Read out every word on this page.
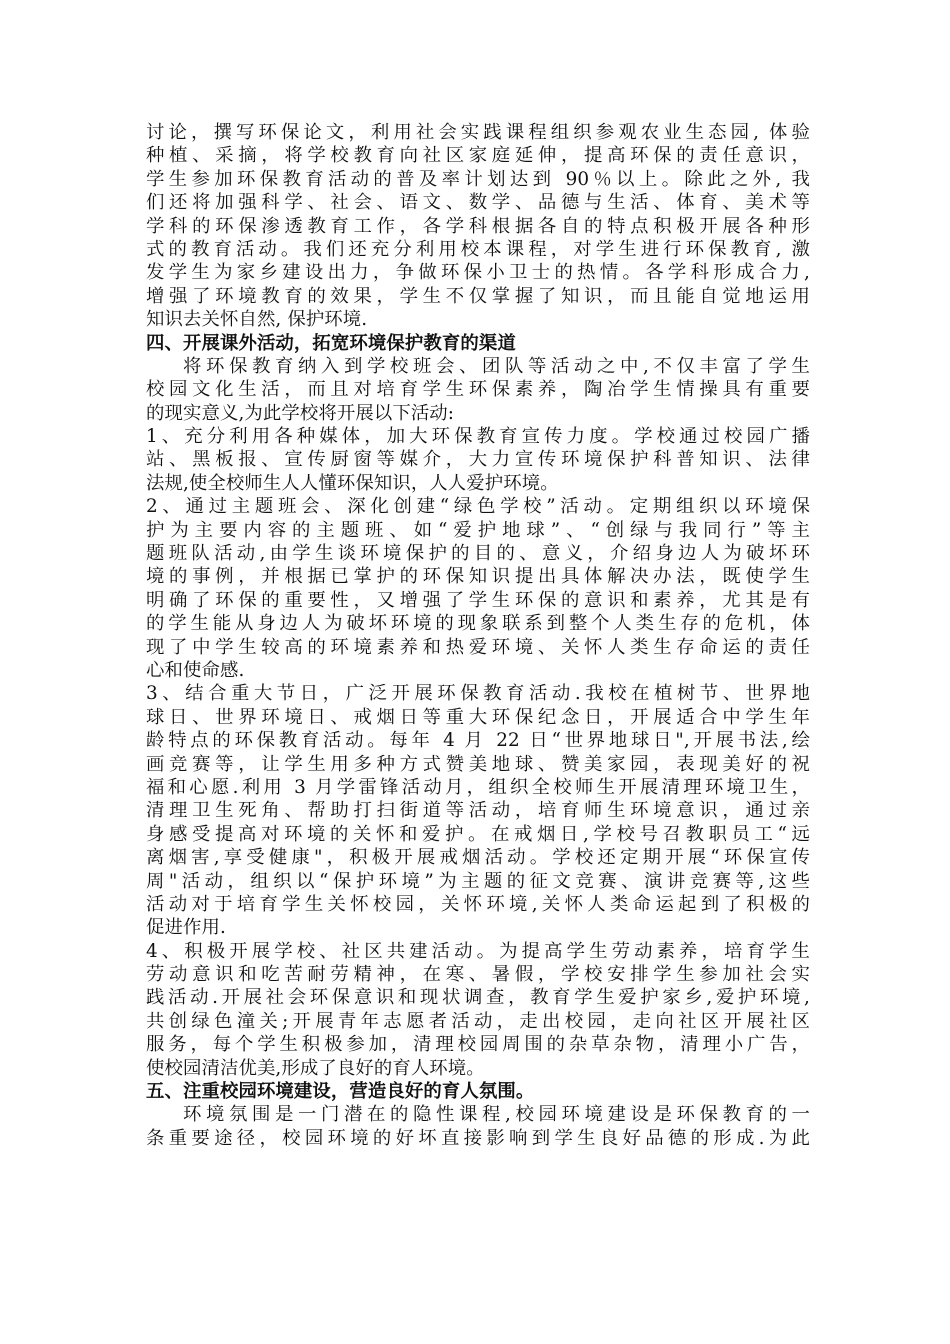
讨论，撰写环保论文，利用社会实践课程组织参观农业生态园, 体验
种植、采摘，将学校教育向社区家庭延伸，提高环保的责任意识，
学生参加环保教育活动的普及率计划达到 90％以上。除此之外, 我
们还将加强科学、社会、语文、数学、品德与生活、体育、美术等
学科的环保渗透教育工作，各学科根据各自的特点积极开展各种形
式的教育活动。我们还充分利用校本课程，对学生进行环保教育, 激
发学生为家乡建设出力，争做环保小卫士的热情。各学科形成合力,
增强了环境教育的效果，学生不仅掌握了知识，而且能自觉地运用
知识去关怀自然, 保护环境.
四、开展课外活动，拓宽环境保护教育的渠道
将环保教育纳入到学校班会、团队等活动之中,不仅丰富了学生
校园文化生活，而且对培育学生环保素养，陶冶学生情操具有重要
的现实意义,为此学校将开展以下活动:
1、充分利用各种媒体，加大环保教育宣传力度。学校通过校园广播
站、黑板报、宣传厨窗等媒介，大力宣传环境保护科普知识、法律
法规,使全校师生人人懂环保知识，人人爱护环境。
2、通过主题班会、深化创建“绿色学校”活动。定期组织以环境保
护为主要内容的主题班、如“爱护地球”、“创绿与我同行”等主
题班队活动,由学生谈环境保护的目的、意义，介绍身边人为破坏环
境的事例，并根据已掌护的环保知识提出具体解决办法，既使学生
明确了环保的重要性，又增强了学生环保的意识和素养，尤其是有
的学生能从身边人为破坏环境的现象联系到整个人类生存的危机，体
现了中学生较高的环境素养和热爱环境、关怀人类生存命运的责任
心和使命感.
3、结合重大节日，广泛开展环保教育活动.我校在植树节、世界地
球日、世界环境日、戒烟日等重大环保纪念日，开展适合中学生年
龄特点的环保教育活动。每年 4 月 22 日“世界地球日",开展书法,绘
画竞赛等，让学生用多种方式赞美地球、赞美家园，表现美好的祝
福和心愿.利用 3 月学雷锋活动月，组织全校师生开展清理环境卫生，
清理卫生死角、帮助打扫街道等活动，培育师生环境意识，通过亲
身感受提高对环境的关怀和爱护。在戒烟日,学校号召教职员工“远
离烟害,享受健康"，积极开展戒烟活动。学校还定期开展“环保宣传
周"活动，组织以“保护环境”为主题的征文竞赛、演讲竞赛等,这些
活动对于培育学生关怀校园，关怀环境,关怀人类命运起到了积极的
促进作用.
4、积极开展学校、社区共建活动。为提高学生劳动素养，培育学生
劳动意识和吃苦耐劳精神，在寒、暑假，学校安排学生参加社会实
践活动.开展社会环保意识和现状调查，教育学生爱护家乡,爱护环境,
共创绿色潼关;开展青年志愿者活动，走出校园，走向社区开展社区
服务，每个学生积极参加，清理校园周围的杂草杂物，清理小广告，
使校园清洁优美,形成了良好的育人环境。
五、注重校园环境建设，营造良好的育人氛围。
环境氛围是一门潜在的隐性课程,校园环境建设是环保教育的一
条重要途径，校园环境的好坏直接影响到学生良好品德的形成.为此
